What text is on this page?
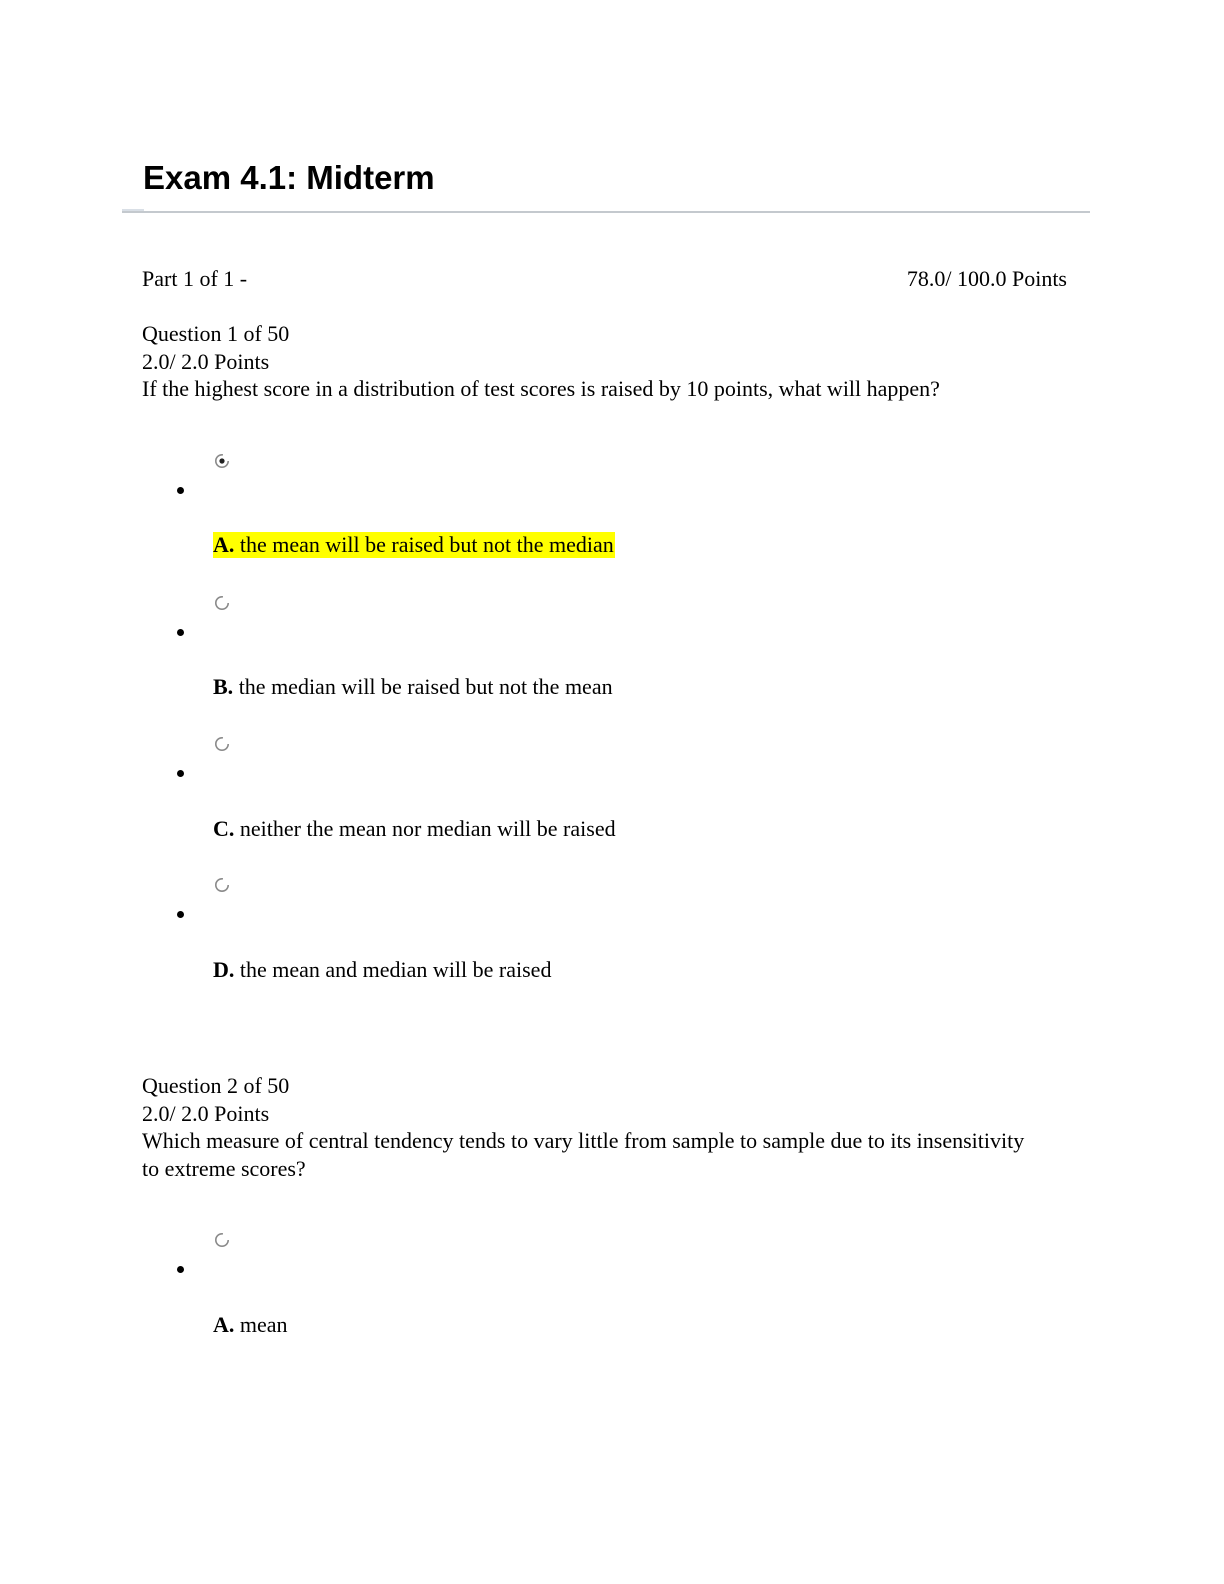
Exam 4.1: Midterm
Part 1 of 1 -	78.0/ 100.0 Points
Question 1 of 50
2.0/ 2.0 Points
If the highest score in a distribution of test scores is raised by 10 points, what will happen?
A. the mean will be raised but not the median
B. the median will be raised but not the mean
C. neither the mean nor median will be raised
D. the mean and median will be raised
Question 2 of 50
2.0/ 2.0 Points
Which measure of central tendency tends to vary little from sample to sample due to its insensitivity to extreme scores?
A. mean
